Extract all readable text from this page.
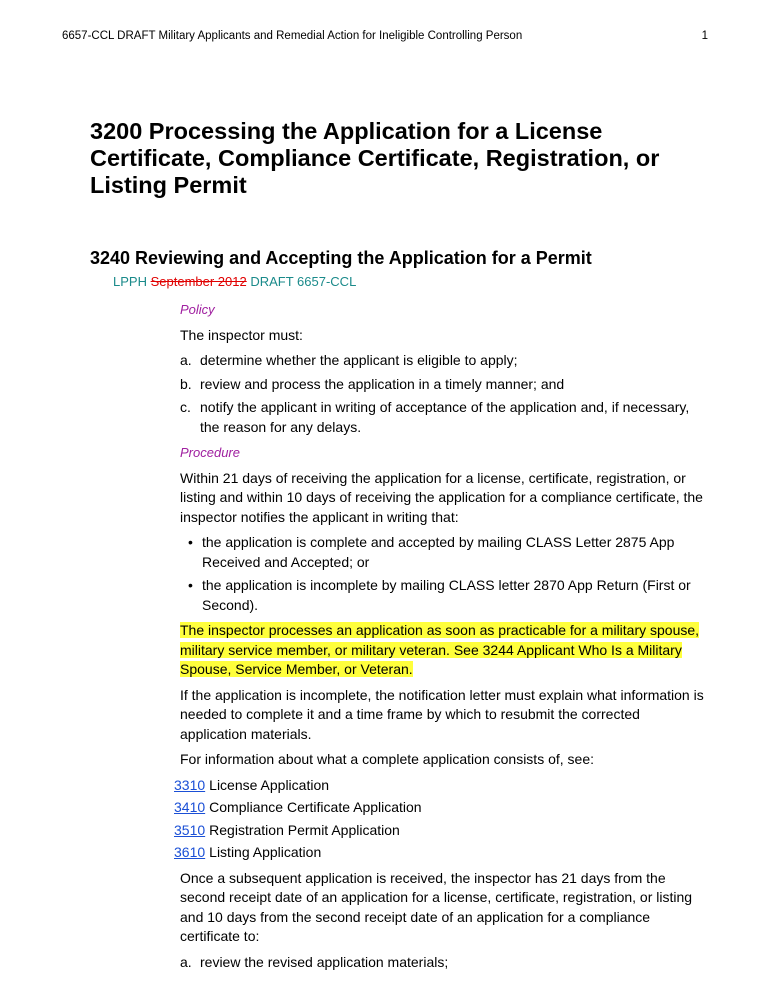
6657-CCL DRAFT Military Applicants and Remedial Action for Ineligible Controlling Person	1
3200 Processing the Application for a License Certificate, Compliance Certificate, Registration, or Listing Permit
3240 Reviewing and Accepting the Application for a Permit
LPPH September 2012 DRAFT 6657-CCL

Policy

The inspector must:

a. determine whether the applicant is eligible to apply;
b. review and process the application in a timely manner; and
c. notify the applicant in writing of acceptance of the application and, if necessary, the reason for any delays.

Procedure

Within 21 days of receiving the application for a license, certificate, registration, or listing and within 10 days of receiving the application for a compliance certificate, the inspector notifies the applicant in writing that:

• the application is complete and accepted by mailing CLASS Letter 2875 App Received and Accepted; or
• the application is incomplete by mailing CLASS letter 2870 App Return (First or Second).

The inspector processes an application as soon as practicable for a military spouse, military service member, or military veteran. See 3244 Applicant Who Is a Military Spouse, Service Member, or Veteran.

If the application is incomplete, the notification letter must explain what information is needed to complete it and a time frame by which to resubmit the corrected application materials.

For information about what a complete application consists of, see:

3310 License Application
3410 Compliance Certificate Application
3510 Registration Permit Application
3610 Listing Application

Once a subsequent application is received, the inspector has 21 days from the second receipt date of an application for a license, certificate, registration, or listing and 10 days from the second receipt date of an application for a compliance certificate to:

a. review the revised application materials;
